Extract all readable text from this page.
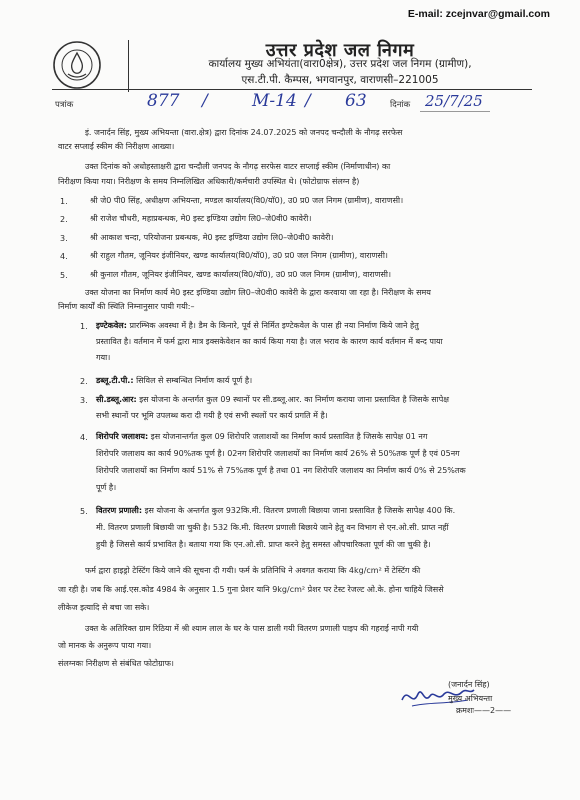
E-mail: zcejnvar@gmail.com
उत्तर प्रदेश जल निगम
कार्यालय मुख्य अभियंता(वारा0क्षेत्र), उत्तर प्रदेश जल निगम (ग्रामीण),
एस.टी.पी. कैम्पस, भगवानपुर, वाराणसी–221005
पत्रांक	877 /	M-14 / 63	दिनांक 25/7/25
इं. जनार्दन सिंह, मुख्य अभियन्ता (वारा.क्षेत्र) द्वारा दिनांक 24.07.2025 को जनपद चन्दौली के नौगढ़ सरफेस
वाटर सप्लाई स्कीम की निरीक्षण आख्या।
उक्त दिनांक को अधोहस्ताक्षरी द्वारा चन्दौली जनपद के नौगढ़ सरफेस वाटर सप्लाई स्कीम (निर्माणाधीन) का
निरीक्षण किया गया। निरीक्षण के समय निम्नलिखित अधिकारी/कर्मचारी उपस्थित थे। (फोटोग्राफ संलग्न है)
1.	श्री जे0 पी0 सिंह, अधीक्षण अभियन्ता, मण्डल कार्यालय(वि0/यॉ0), उ0 प्र0 जल निगम (ग्रामीण), वाराणसी।
2.	श्री राजेश चौधरी, महाप्रबन्धक, मे0 इस्ट इण्डिया उद्योग लि0–जे0वी0 कावेरी।
3.	श्री आकाश चन्दा, परियोजना प्रबन्धक, मे0 इस्ट इण्डिया उद्योग लि0–जे0वी0 कावेरी।
4.	श्री राहुल गौतम, जूनियर इंजीनियर, खण्ड कार्यालय(वि0/यॉ0), उ0 प्र0 जल निगम (ग्रामीण), वाराणसी।
5.	श्री कुनाल गौतम, जूनियर इंजीनियर, खण्ड कार्यालय(वि0/यॉ0), उ0 प्र0 जल निगम (ग्रामीण), वाराणसी।
उक्त योजना का निर्माण कार्य मे0 इस्ट इण्डिया उद्योग लि0–जे0वी0 कावेरी के द्वारा करवाया जा रहा है। निरीक्षण के समय
निर्माण कार्यों की स्थिति निम्नानुसार पायी गयी:–
1. इण्टेकवेल: प्रारम्भिक अवस्था में है। डैम के किनारे, पूर्व से निर्मित इण्टेकवेल के पास ही नया निर्माण किये जाने हेतु
प्रस्तावित है। वर्तमान में फर्म द्वारा मात्र इक्सकेवेशन का कार्य किया गया है। जल भराव के कारण कार्य वर्तमान में बन्द पाया
गया।
2. डब्लू.टी.पी.: सिविल से सम्बन्धित निर्माण कार्य पूर्ण है।
3. सी.डब्लू.आर: इस योजना के अन्तर्गत कुल 09 स्थानों पर सी.डब्लू.आर. का निर्माण कराया जाना प्रस्तावित है जिसके सापेक्ष
सभी स्थानों पर भूमि उपलब्ध करा दी गयी है एवं सभी स्थलों पर कार्य प्रगति में है।
4. शिरोपरि जलाशय: इस योजनान्तर्गत कुल 09 शिरोपरि जलाशयों का निर्माण कार्य प्रस्तावित है जिसके सापेक्ष 01 नग
शिरोपरि जलाशय का कार्य 90%तक पूर्ण है। 02नग शिरोपरि जलाशयों का निर्माण कार्य 26% से 50%तक पूर्ण है एवं 05नग
शिरोपरि जलाशयों का निर्माण कार्य 51% से 75%तक पूर्ण है तथा 01 नग शिरोपरि जलाशय का निर्माण कार्य 0% से 25%तक
पूर्ण है।
5. वितरण प्रणाली: इस योजना के अन्तर्गत कुल 932कि.मी. वितरण प्रणाली बिछाया जाना प्रस्तावित है जिसके सापेक्ष 400 कि.
मी. वितरण प्रणाली बिछायी जा चुकी है। 532 कि.मी. वितरण प्रणाली बिछाये जाने हेतु वन विभाग से एन.ओ.सी. प्राप्त नहीं
हुयी है जिससे कार्य प्रभावित है। बताया गया कि एन.ओ.सी. प्राप्त करने हेतु समस्त औपचारिकता पूर्ण की जा चुकी है।
फर्म द्वारा हाइड्रो टेस्टिंग किये जाने की सूचना दी गयी। फर्म के प्रतिनिधि ने अवगत कराया कि 4kg/cm² में टेस्टिंग की
जा रही है। जब कि आई.एस.कोड 4984 के अनुसार 1.5 गुना प्रेशर यानि 9kg/cm² प्रेशर पर टेस्ट रेजल्ट ओ.के. होना चाहिये जिससे
लीकेज इत्यादि से बचा जा सके।
उक्त के अतिरिक्त ग्राम रिठिया में श्री श्याम लाल के घर के पास डाली गयी वितरण प्रणाली पाइप की गहराई नापी गयी
जो मानक के अनुरूप पाया गया।
संलग्नकः निरीक्षण से संबंधित फोटोग्राफ।
(जनार्दन सिंह)
मुख्य अभियन्ता
क्रमशः——2——
